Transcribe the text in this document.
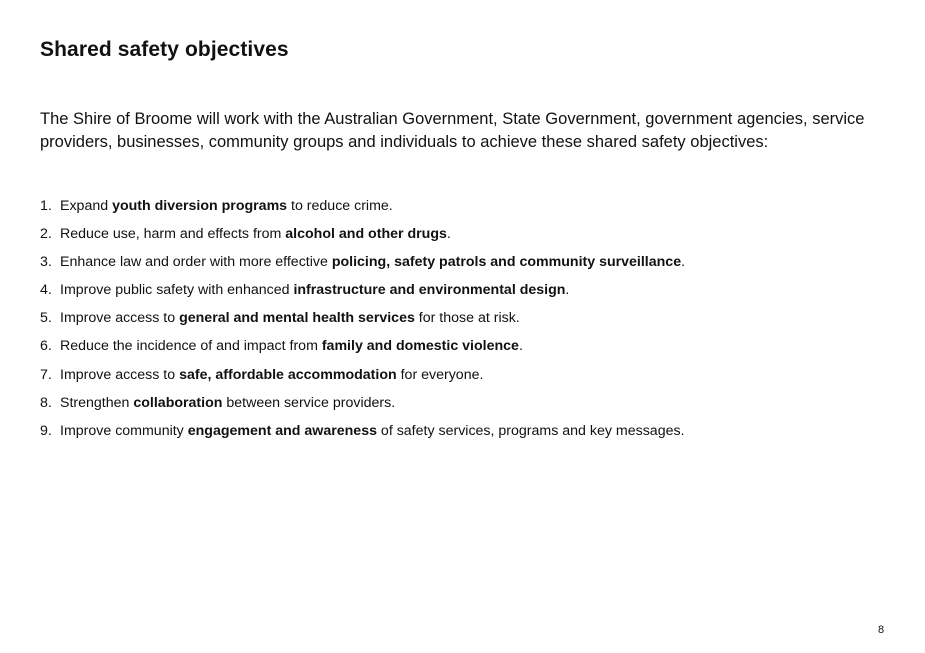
Shared safety objectives

The Shire of Broome will work with the Australian Government, State Government, government agencies, service providers, businesses, community groups and individuals to achieve these shared safety objectives:

1. Expand youth diversion programs to reduce crime.
2. Reduce use, harm and effects from alcohol and other drugs.
3. Enhance law and order with more effective policing, safety patrols and community surveillance.
4. Improve public safety with enhanced infrastructure and environmental design.
5. Improve access to general and mental health services for those at risk.
6. Reduce the incidence of and impact from family and domestic violence.
7. Improve access to safe, affordable accommodation for everyone.
8. Strengthen collaboration between service providers.
9. Improve community engagement and awareness of safety services, programs and key messages.
8
